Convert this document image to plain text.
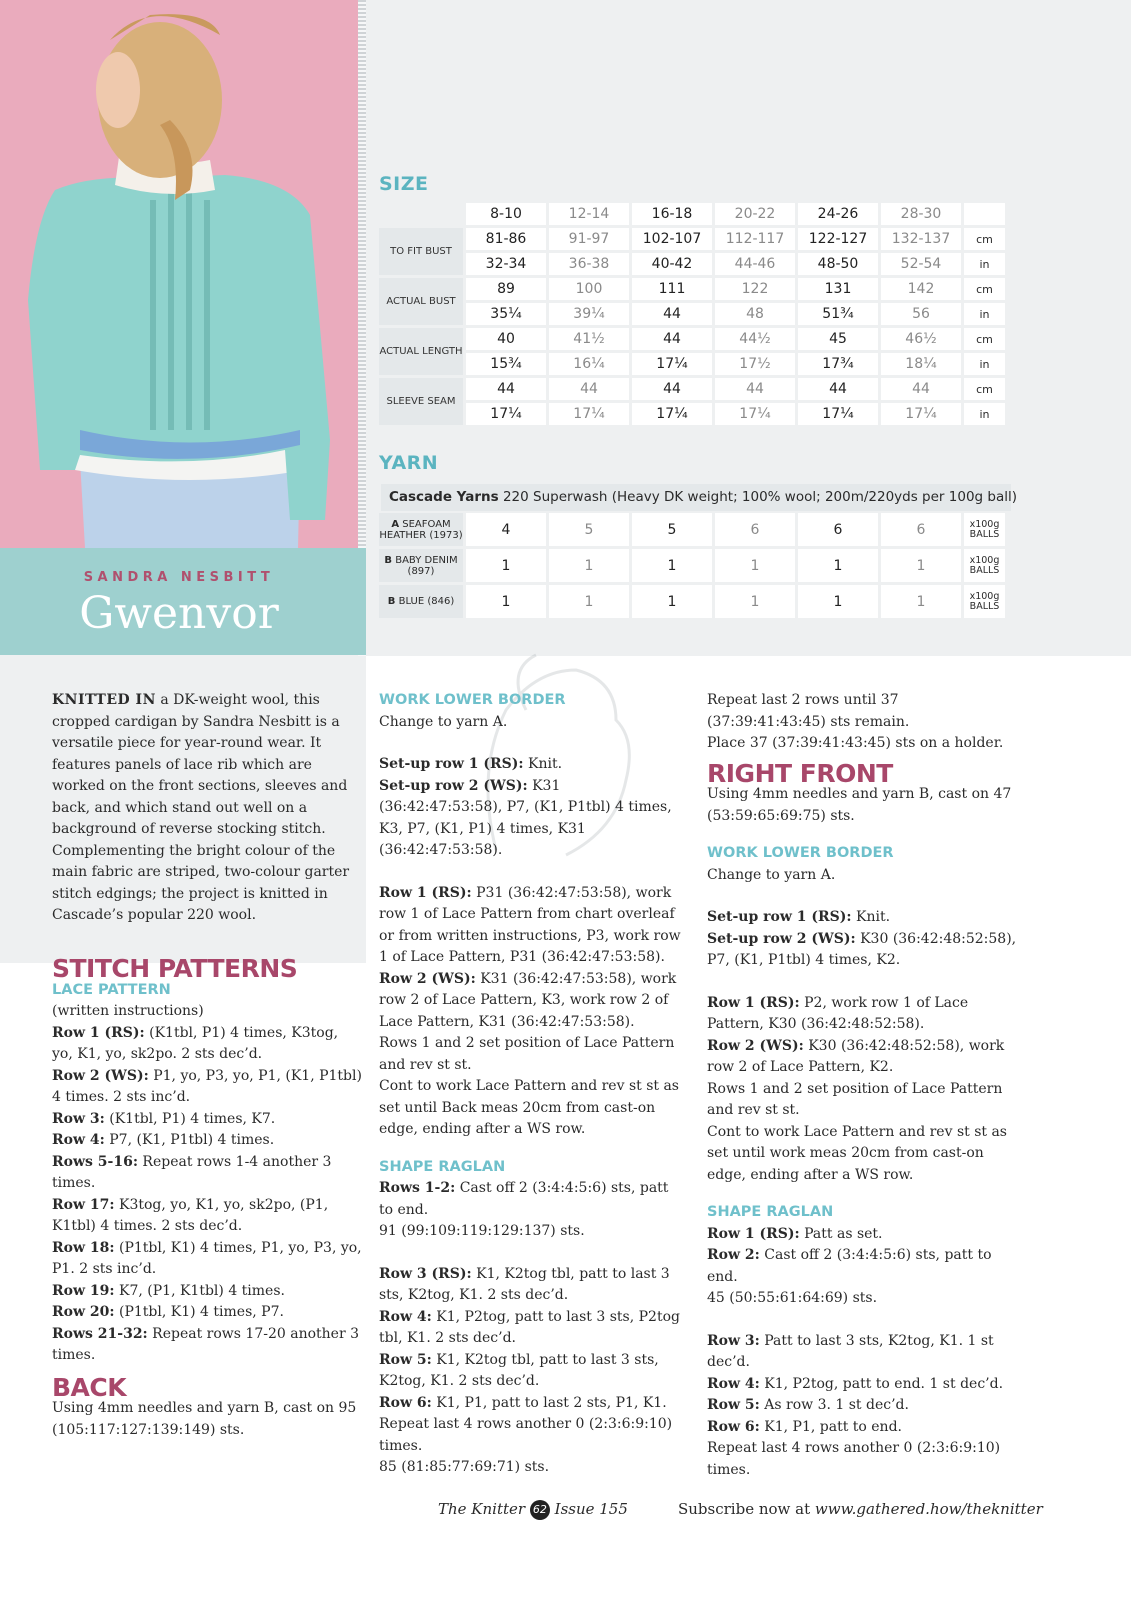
SANDRA NESBITT
Gwenvor
SIZE
	8-10	12-14	16-18	20-22	24-26	28-30	
TO FIT BUST	81-86	91-97	102-107	112-117	122-127	132-137	cm
	32-34	36-38	40-42	44-46	48-50	52-54	in
ACTUAL BUST	89	100	111	122	131	142	cm
	35¼	39¼	44	48	51¾	56	in
ACTUAL LENGTH	40	41½	44	44½	45	46½	cm
	15¾	16¼	17¼	17½	17¾	18¼	in
SLEEVE SEAM	44	44	44	44	44	44	cm
	17¼	17¼	17¼	17¼	17¼	17¼	in
YARN
Cascade Yarns 220 Superwash (Heavy DK weight; 100% wool; 200m/220yds per 100g ball)
A SEAFOAM HEATHER (1973)	4	5	5	6	6	6	x100g BALLS
B BABY DENIM (897)	1	1	1	1	1	1	x100g BALLS
B BLUE (846)	1	1	1	1	1	1	x100g BALLS

KNITTED IN a DK-weight wool, this cropped cardigan by Sandra Nesbitt is a versatile piece for year-round wear. It features panels of lace rib which are worked on the front sections, sleeves and back, and which stand out well on a background of reverse stocking stitch. Complementing the bright colour of the main fabric are striped, two-colour garter stitch edgings; the project is knitted in Cascade’s popular 220 wool.

STITCH PATTERNS
LACE PATTERN

(written instructions)

Row 1 (RS): (K1tbl, P1) 4 times, K3tog, yo, K1, yo, sk2po. 2 sts dec’d.

Row 2 (WS): P1, yo, P3, yo, P1, (K1, P1tbl) 4 times. 2 sts inc’d.

Row 3: (K1tbl, P1) 4 times, K7.

Row 4: P7, (K1, P1tbl) 4 times.

Rows 5-16: Repeat rows 1-4 another 3 times.

Row 17: K3tog, yo, K1, yo, sk2po, (P1, K1tbl) 4 times. 2 sts dec’d.

Row 18: (P1tbl, K1) 4 times, P1, yo, P3, yo, P1. 2 sts inc’d.

Row 19: K7, (P1, K1tbl) 4 times.

Row 20: (P1tbl, K1) 4 times, P7.

Rows 21-32: Repeat rows 17-20 another 3 times.

BACK

Using 4mm needles and yarn B, cast on 95 (105:117:127:139:149) sts.

WORK LOWER BORDER

Change to yarn A.

Set-up row 1 (RS): Knit.

Set-up row 2 (WS): K31 (36:42:47:53:58), P7, (K1, P1tbl) 4 times, K3, P7, (K1, P1) 4 times, K31 (36:42:47:53:58).

Row 1 (RS): P31 (36:42:47:53:58), work row 1 of Lace Pattern from chart overleaf or from written instructions, P3, work row 1 of Lace Pattern, P31 (36:42:47:53:58).

Row 2 (WS): K31 (36:42:47:53:58), work row 2 of Lace Pattern, K3, work row 2 of Lace Pattern, K31 (36:42:47:53:58).

Rows 1 and 2 set position of Lace Pattern and rev st st.

Cont to work Lace Pattern and rev st st as set until Back meas 20cm from cast-on edge, ending after a WS row.

SHAPE RAGLAN

Rows 1-2: Cast off 2 (3:4:4:5:6) sts, patt to end.

91 (99:109:119:129:137) sts.

Row 3 (RS): K1, K2tog tbl, patt to last 3 sts, K2tog, K1. 2 sts dec’d.

Row 4: K1, P2tog, patt to last 3 sts, P2tog tbl, K1. 2 sts dec’d.

Row 5: K1, K2tog tbl, patt to last 3 sts, K2tog, K1. 2 sts dec’d.

Row 6: K1, P1, patt to last 2 sts, P1, K1.

Repeat last 4 rows another 0 (2:3:6:9:10) times.

85 (81:85:77:69:71) sts.

Repeat last 2 rows until 37 (37:39:41:43:45) sts remain.

Place 37 (37:39:41:43:45) sts on a holder.

RIGHT FRONT

Using 4mm needles and yarn B, cast on 47 (53:59:65:69:75) sts.

WORK LOWER BORDER

Change to yarn A.

Set-up row 1 (RS): Knit.

Set-up row 2 (WS): K30 (36:42:48:52:58), P7, (K1, P1tbl) 4 times, K2.

Row 1 (RS): P2, work row 1 of Lace Pattern, K30 (36:42:48:52:58).

Row 2 (WS): K30 (36:42:48:52:58), work row 2 of Lace Pattern, K2.

Rows 1 and 2 set position of Lace Pattern and rev st st.

Cont to work Lace Pattern and rev st st as set until work meas 20cm from cast-on edge, ending after a WS row.

SHAPE RAGLAN

Row 1 (RS): Patt as set.

Row 2: Cast off 2 (3:4:4:5:6) sts, patt to end.

45 (50:55:61:64:69) sts.

Row 3: Patt to last 3 sts, K2tog, K1. 1 st dec’d.

Row 4: K1, P2tog, patt to end. 1 st dec’d.

Row 5: As row 3. 1 st dec’d.

Row 6: K1, P1, patt to end.

Repeat last 4 rows another 0 (2:3:6:9:10) times.

The Knitter 62 Issue 155	Subscribe now at www.gathered.how/theknitter
